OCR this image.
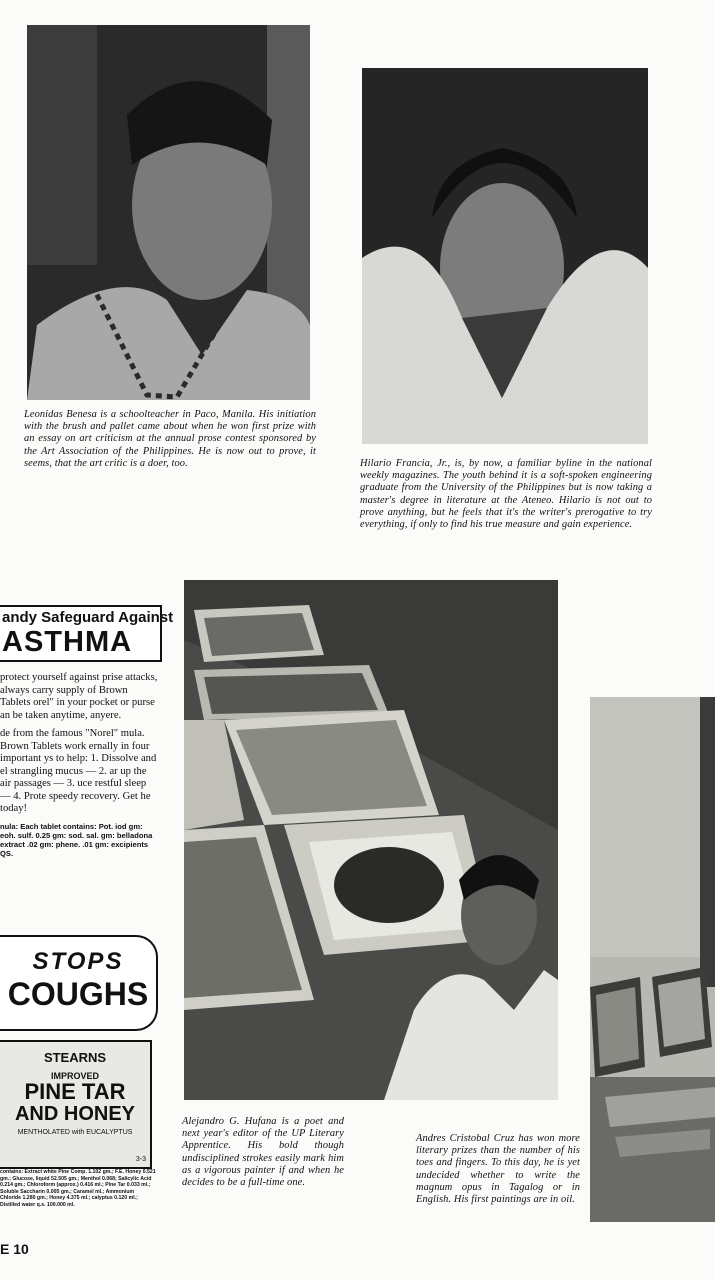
Leonidas Benesa is a schoolteacher in Paco, Manila. His initiation with the brush and pallet came about when he won first prize with an essay on art criticism at the annual prose contest sponsored by the Art Association of the Philippines. He is now out to prove, it seems, that the art critic is a doer, too.	Hilario Francia, Jr., is, by now, a familiar byline in the national weekly magazines. The youth behind it is a soft-spoken engineering graduate from the University of the Philippines but is now taking a master's degree in literature at the Ateneo. Hilario is not out to prove anything, but he feels that it's the writer's prerogative to try everything, if only to find his true measure and gain experience.
andy Safeguard Against
ASTHMA
protect yourself against prise attacks, always carry supply of Brown Tablets orel" in your pocket or purse an be taken anytime, anyere.
de from the famous "Norel" mula. Brown Tablets work ernally in four important ys to help: 1. Dissolve and el strangling mucus — 2. ar up the air passages — 3. uce restful sleep — 4. Prote speedy recovery. Get he today!
nula: Each tablet contains: Pot. iod gm: eoh. sulf. 0.25 gm: sod. sal. gm: belladona extract .02 gm: phene. .01 gm: excipients QS.
STOPS
COUGHS
STEARNS
IMPROVED
PINE TAR
AND HONEY
MENTHOLATED with EUCALYPTUS
3-3
contains: Extract white Pine Comp. 1.102 gm.; F.E. Honey 0.521 gm.; Glucose, liquid 52.505 gm.; Menthol 0.068; Salicylic Acid 0.214 gm.; Chloroform (approx.) 0.416 ml.; Pine Tar 0.033 ml.; Soluble Saccharin 0.005 gm.; Caramel ml.; Ammonium Chloride 1.280 gm.; Honey 4.375 ml.; calyptus 0.120 ml.; Distilled water q.s. 100.000 ml.
E 10
Alejandro G. Hufana is a poet and next year's editor of the UP Literary Apprentice. His bold though undisciplined strokes easily mark him as a vigorous painter if and when he decides to be a full-time one.
Andres Cristobal Cruz has won more literary prizes than the number of his toes and fingers. To this day, he is yet undecided whether to write the magnum opus in Tagalog or in English. His first paintings are in oil.
